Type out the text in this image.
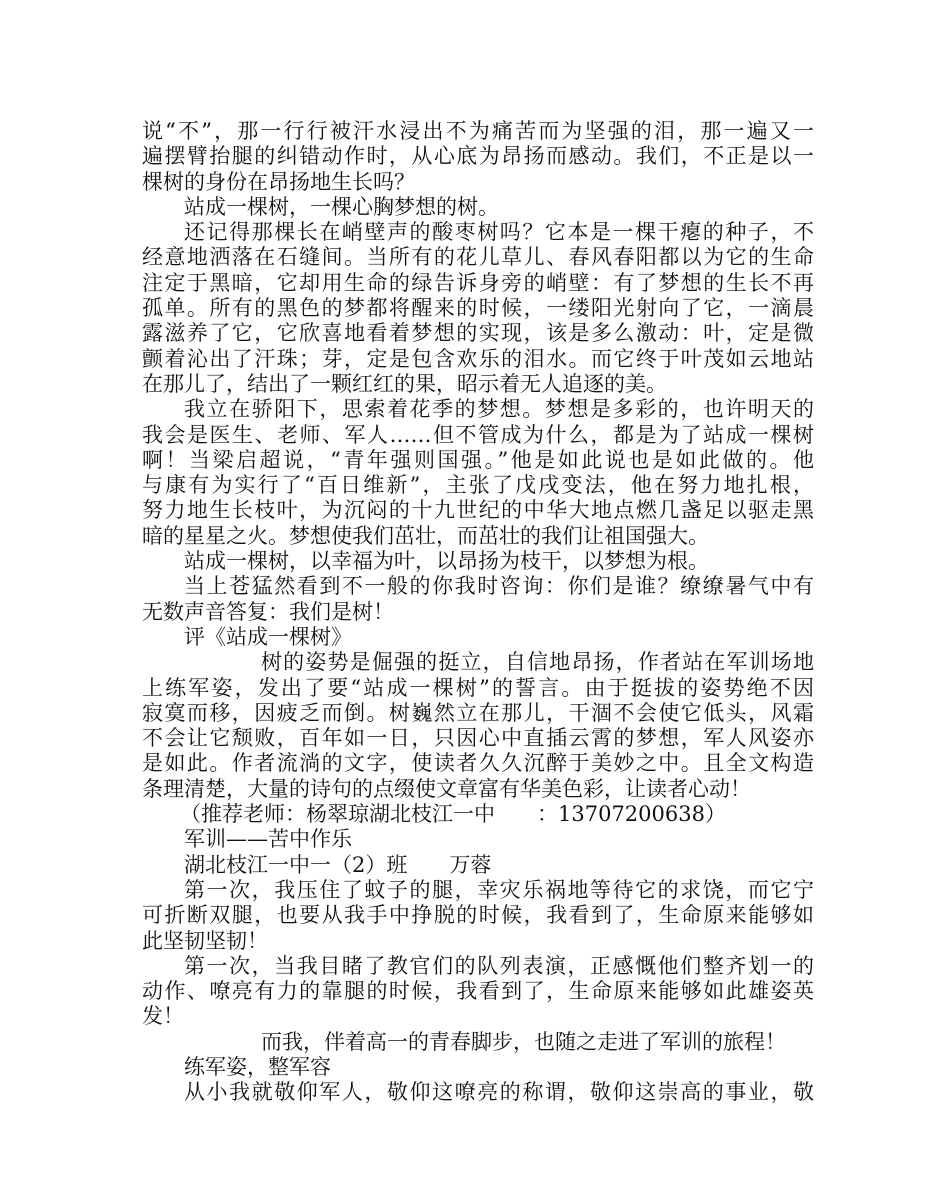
说“不”，那一行行被汗水浸出不为痛苦而为坚强的泪，那一遍又一
遍摆臂抬腿的纠错动作时，从心底为昂扬而感动。我们，不正是以一
棵树的身份在昂扬地生长吗？
站成一棵树，一棵心胸梦想的树。
还记得那棵长在峭壁声的酸枣树吗？它本是一棵干瘪的种子，不
经意地洒落在石缝间。当所有的花儿草儿、春风春阳都以为它的生命
注定于黑暗，它却用生命的绿告诉身旁的峭壁：有了梦想的生长不再
孤单。所有的黑色的梦都将醒来的时候，一缕阳光射向了它，一滴晨
露滋养了它，它欣喜地看着梦想的实现，该是多么激动：叶，定是微
颤着沁出了汗珠；芽，定是包含欢乐的泪水。而它终于叶茂如云地站
在那儿了，结出了一颗红红的果，昭示着无人追逐的美。
我立在骄阳下，思索着花季的梦想。梦想是多彩的，也许明天的
我会是医生、老师、军人……但不管成为什么，都是为了站成一棵树
啊！当梁启超说，“青年强则国强。”他是如此说也是如此做的。他
与康有为实行了“百日维新”，主张了戊戌变法，他在努力地扎根，
努力地生长枝叶，为沉闷的十九世纪的中华大地点燃几盏足以驱走黑
暗的星星之火。梦想使我们茁壮，而茁壮的我们让祖国强大。
站成一棵树，以幸福为叶，以昂扬为枝干，以梦想为根。
当上苍猛然看到不一般的你我时咨询：你们是谁？缭缭暑气中有
无数声音答复：我们是树！
评《站成一棵树》
树的姿势是倔强的挺立，自信地昂扬，作者站在军训场地
上练军姿，发出了要“站成一棵树”的誓言。由于挺拔的姿势绝不因
寂寞而移，因疲乏而倒。树巍然立在那儿，干涸不会使它低头，风霜
不会让它颓败，百年如一日，只因心中直插云霄的梦想，军人风姿亦
是如此。作者流淌的文字，使读者久久沉醉于美妙之中。且全文构造
条理清楚，大量的诗句的点缀使文章富有华美色彩，让读者心动！
（推荐老师：杨翠琼湖北枝江一中　　：13707200638）
军训——苦中作乐
湖北枝江一中一（2）班　　万蓉
第一次，我压住了蚊子的腿，幸灾乐祸地等待它的求饶，而它宁
可折断双腿，也要从我手中挣脱的时候，我看到了，生命原来能够如
此坚韧坚韧！
第一次，当我目睹了教官们的队列表演，正感慨他们整齐划一的
动作、嘹亮有力的靠腿的时候，我看到了，生命原来能够如此雄姿英
发！
而我，伴着高一的青春脚步，也随之走进了军训的旅程！
练军姿，整军容
从小我就敬仰军人，敬仰这嘹亮的称谓，敬仰这崇高的事业，敬
